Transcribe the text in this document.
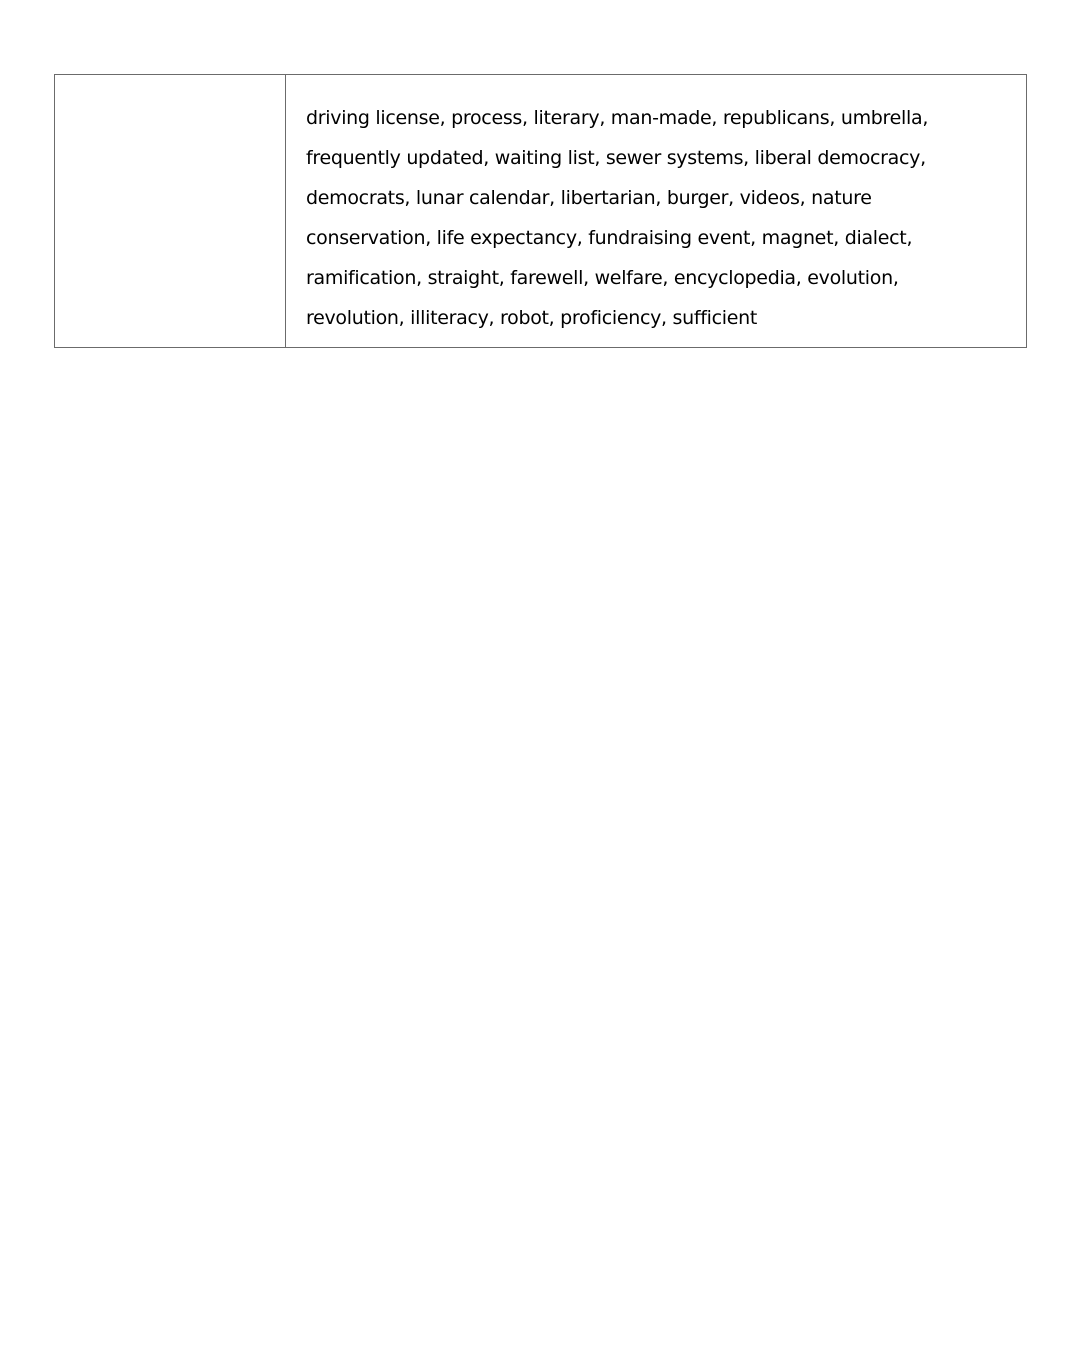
driving license, process, literary, man-made, republicans, umbrella,
frequently updated, waiting list, sewer systems, liberal democracy,
democrats, lunar calendar, libertarian, burger, videos, nature
conservation, life expectancy, fundraising event, magnet, dialect,
ramification, straight, farewell, welfare, encyclopedia, evolution,
revolution, illiteracy, robot, proficiency, sufficient
